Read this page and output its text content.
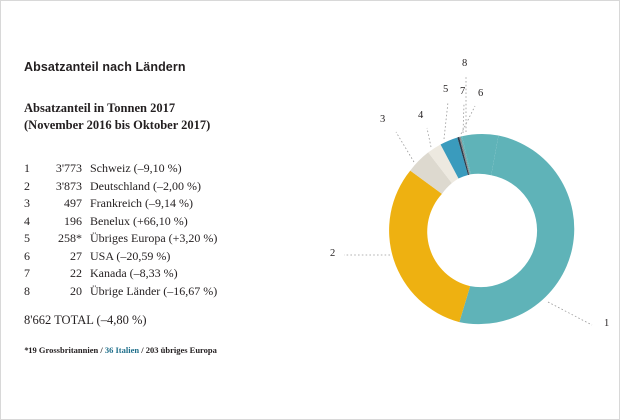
Absatzanteil nach Ländern
Absatzanteil in Tonnen 2017
(November 2016 bis Oktober 2017)
1	3'773 Schweiz (–9,10 %)
2	3'873 Deutschland (–2,00 %)
3	497 Frankreich (–9,14 %)
4	196 Benelux (+66,10 %)
5	258* Übriges Europa (+3,20 %)
6	27 USA (–20,59 %)
7	22 Kanada (–8,33 %)
8	20 Übrige Länder (–16,67 %)
8'662 TOTAL (–4,80 %)
*19 Grossbritannien / 36 Italien / 203 übriges Europa
1
2
3	4
5	6
7
8
